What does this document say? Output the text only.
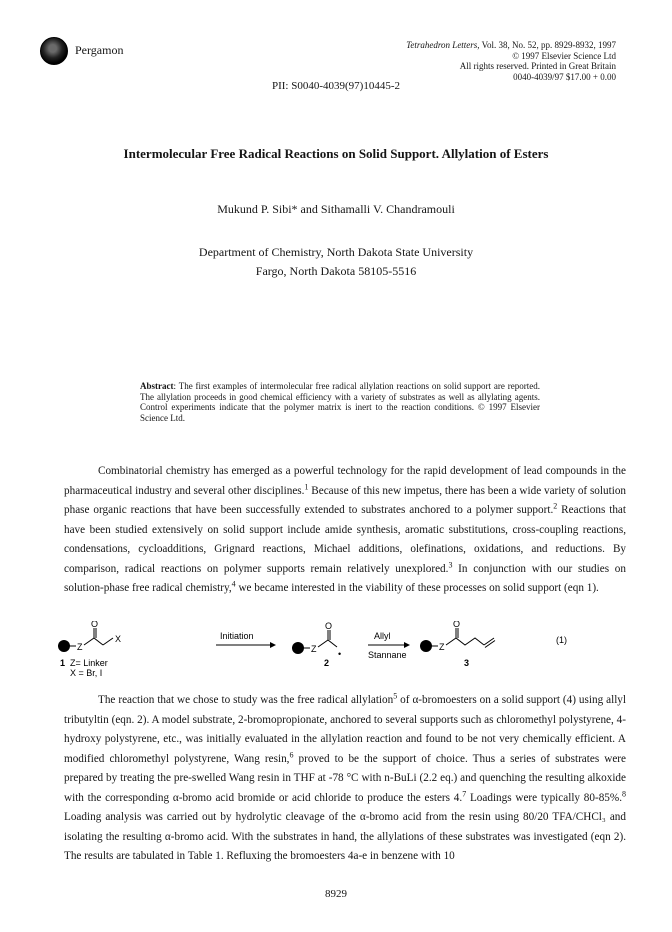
Pergamon	Tetrahedron Letters, Vol. 38, No. 52, pp. 8929-8932, 1997
© 1997 Elsevier Science Ltd
All rights reserved. Printed in Great Britain
0040-4039/97 $17.00 + 0.00
PII: S0040-4039(97)10445-2
Intermolecular Free Radical Reactions on Solid Support. Allylation of Esters
Mukund P. Sibi* and Sithamalli V. Chandramouli
Department of Chemistry, North Dakota State University
Fargo, North Dakota 58105-5516
Abstract: The first examples of intermolecular free radical allylation reactions on solid support are reported. The allylation proceeds in good chemical efficiency with a variety of substrates as well as allylating agents. Control experiments indicate that the polymer matrix is inert to the reaction conditions. © 1997 Elsevier Science Ltd.
Combinatorial chemistry has emerged as a powerful technology for the rapid development of lead compounds in the pharmaceutical industry and several other disciplines.$^1$ Because of this new impetus, there has been a wide variety of solution phase organic reactions that have been successfully extended to substrates anchored to a polymer support.$^2$ Reactions that have been studied extensively on solid support include amide synthesis, aromatic substitutions, cross-coupling reactions, condensations, cycloadditions, Grignard reactions, Michael additions, olefinations, oxidations, and reductions. By comparison, radical reactions on polymer supports remain relatively unexplored.$^3$ In conjunction with our studies on solution-phase free radical chemistry,$^4$ we became interested in the viability of these processes on solid support (eqn 1).
Z
O
X
1 Z= Linker
X = Br, I
Initiation
Z
O
•
2
Allyl
Stannane
Z
O
3
(1)
The reaction that we chose to study was the free radical allylation$^5$ of α-bromoesters on a solid support (4) using allyl tributyltin (eqn. 2). A model substrate, 2-bromopropionate, anchored to several supports such as chloromethyl polystyrene, 4-hydroxy polystyrene, etc., was initially evaluated in the allylation reaction and found to be not very chemically efficient. A modified chloromethyl polystyrene, Wang resin,$^6$ proved to be the support of choice. Thus a series of substrates were prepared by treating the pre-swelled Wang resin in THF at -78 °C with n-BuLi (2.2 eq.) and quenching the resulting alkoxide with the corresponding α-bromo acid bromide or acid chloride to produce the esters 4.$^7$ Loadings were typically 80-85%.$^8$ Loading analysis was carried out by hydrolytic cleavage of the α-bromo acid from the resin using 80/20 TFA/CHCl₃ and isolating the resulting α-bromo acid. With the substrates in hand, the allylations of these substrates was investigated (eqn 2). The results are tabulated in Table 1. Refluxing the bromoesters 4a-e in benzene with 10
8929
